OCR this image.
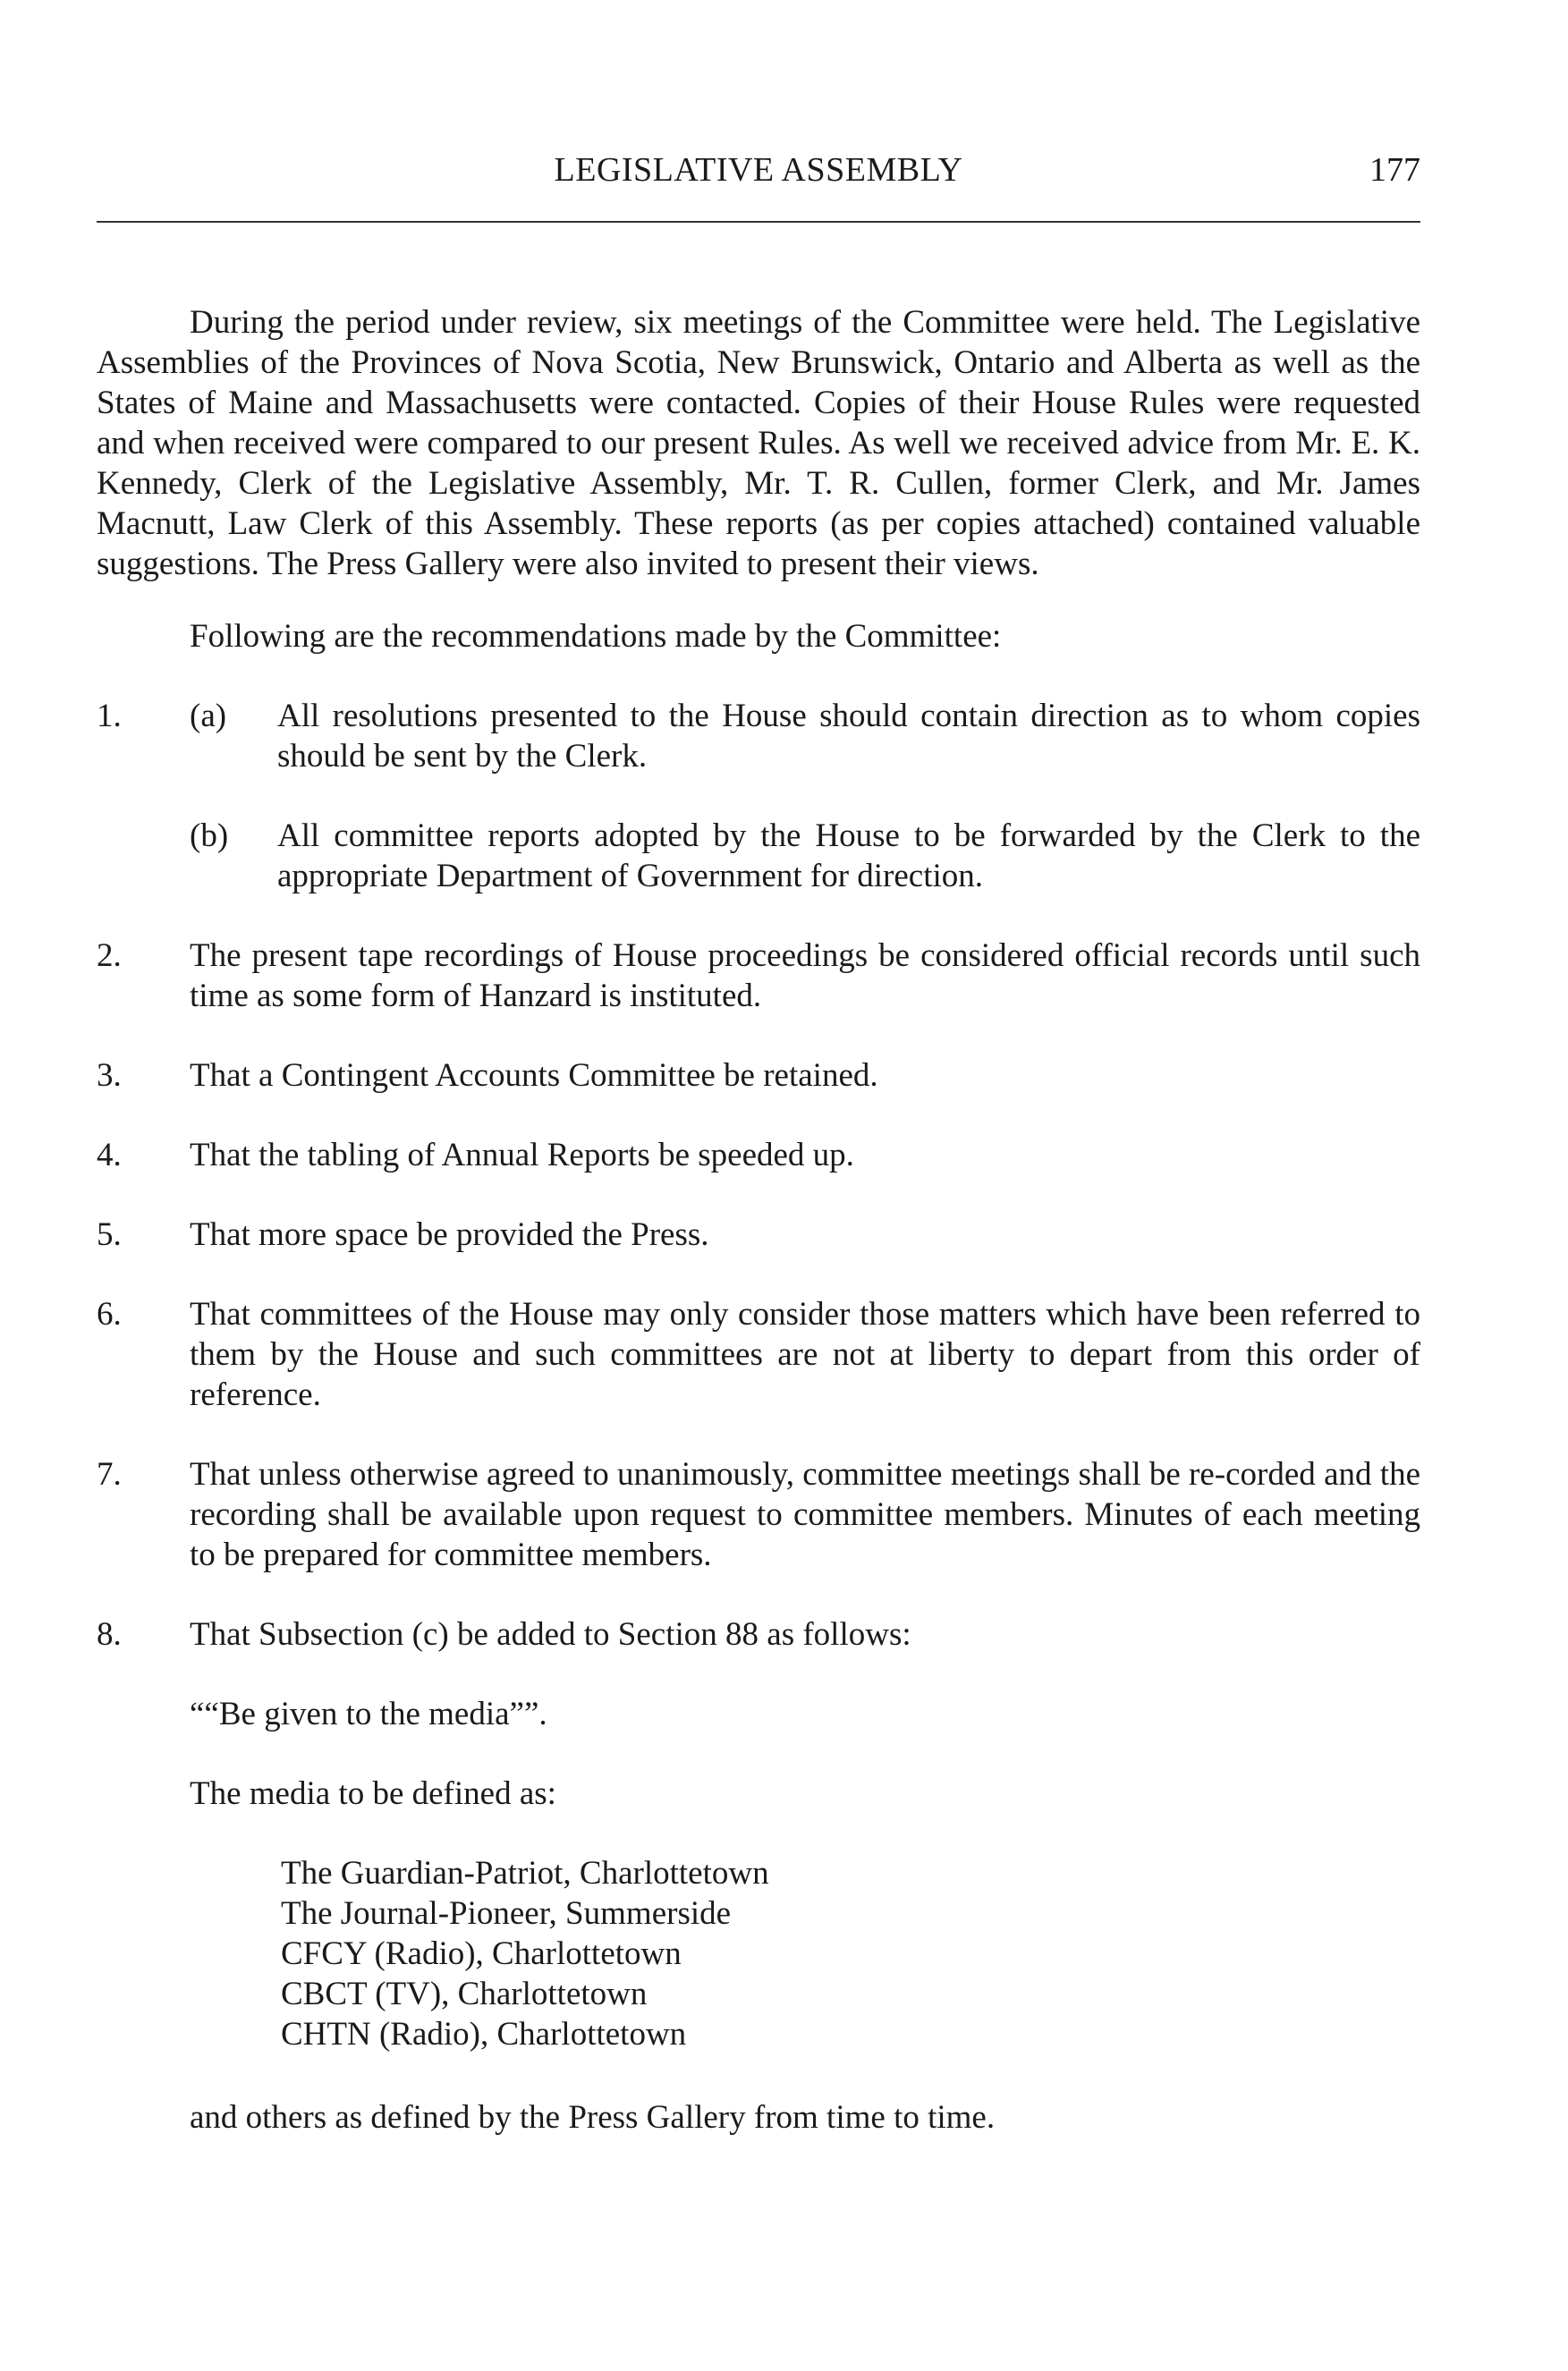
LEGISLATIVE ASSEMBLY	177

During the period under review, six meetings of the Committee were held. The Legislative Assemblies of the Provinces of Nova Scotia, New Brunswick, Ontario and Alberta as well as the States of Maine and Massachusetts were contacted. Copies of their House Rules were requested and when received were compared to our present Rules. As well we received advice from Mr. E. K. Kennedy, Clerk of the Legislative Assembly, Mr. T. R. Cullen, former Clerk, and Mr. James Macnutt, Law Clerk of this Assembly. These reports (as per copies attached) contained valuable suggestions. The Press Gallery were also invited to present their views.

Following are the recommendations made by the Committee:

1. (a) All resolutions presented to the House should contain direction as to whom copies should be sent by the Clerk.
(b) All committee reports adopted by the House to be forwarded by the Clerk to the appropriate Department of Government for direction.
2. The present tape recordings of House proceedings be considered official records until such time as some form of Hanzard is instituted.
3. That a Contingent Accounts Committee be retained.
4. That the tabling of Annual Reports be speeded up.
5. That more space be provided the Press.
6. That committees of the House may only consider those matters which have been referred to them by the House and such committees are not at liberty to depart from this order of reference.
7. That unless otherwise agreed to unanimously, committee meetings shall be re-corded and the recording shall be available upon request to committee members. Minutes of each meeting to be prepared for committee members.
8. That Subsection (c) be added to Section 88 as follows:
““Be given to the media””.
The media to be defined as:
The Guardian-Patriot, Charlottetown
The Journal-Pioneer, Summerside
CFCY (Radio), Charlottetown
CBCT (TV), Charlottetown
CHTN (Radio), Charlottetown
and others as defined by the Press Gallery from time to time.
